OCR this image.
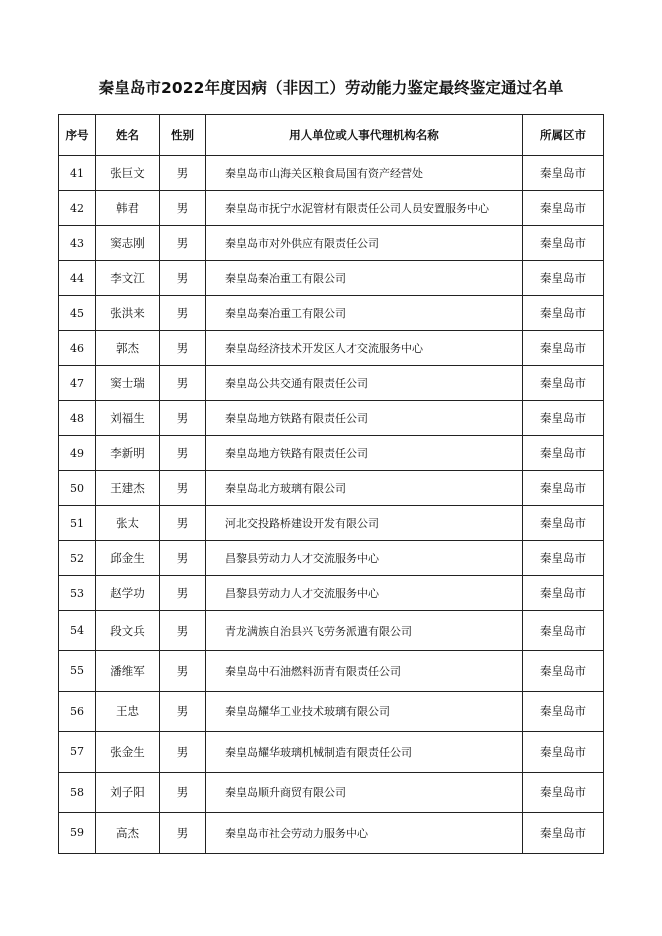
秦皇岛市2022年度因病（非因工）劳动能力鉴定最终鉴定通过名单
序号	姓名	性别	用人单位或人事代理机构名称	所属区市
41	张巨文	男	秦皇岛市山海关区粮食局国有资产经营处	秦皇岛市
42	韩君	男	秦皇岛市抚宁水泥管材有限责任公司人员安置服务中心	秦皇岛市
43	窦志刚	男	秦皇岛市对外供应有限责任公司	秦皇岛市
44	李文江	男	秦皇岛秦冶重工有限公司	秦皇岛市
45	张洪来	男	秦皇岛秦冶重工有限公司	秦皇岛市
46	郭杰	男	秦皇岛经济技术开发区人才交流服务中心	秦皇岛市
47	窦士瑞	男	秦皇岛公共交通有限责任公司	秦皇岛市
48	刘福生	男	秦皇岛地方铁路有限责任公司	秦皇岛市
49	李新明	男	秦皇岛地方铁路有限责任公司	秦皇岛市
50	王建杰	男	秦皇岛北方玻璃有限公司	秦皇岛市
51	张太	男	河北交投路桥建设开发有限公司	秦皇岛市
52	邱金生	男	昌黎县劳动力人才交流服务中心	秦皇岛市
53	赵学功	男	昌黎县劳动力人才交流服务中心	秦皇岛市
54	段文兵	男	青龙满族自治县兴飞劳务派遣有限公司	秦皇岛市
55	潘维军	男	秦皇岛中石油燃料沥青有限责任公司	秦皇岛市
56	王忠	男	秦皇岛耀华工业技术玻璃有限公司	秦皇岛市
57	张金生	男	秦皇岛耀华玻璃机械制造有限责任公司	秦皇岛市
58	刘子阳	男	秦皇岛顺升商贸有限公司	秦皇岛市
59	高杰	男	秦皇岛市社会劳动力服务中心	秦皇岛市
